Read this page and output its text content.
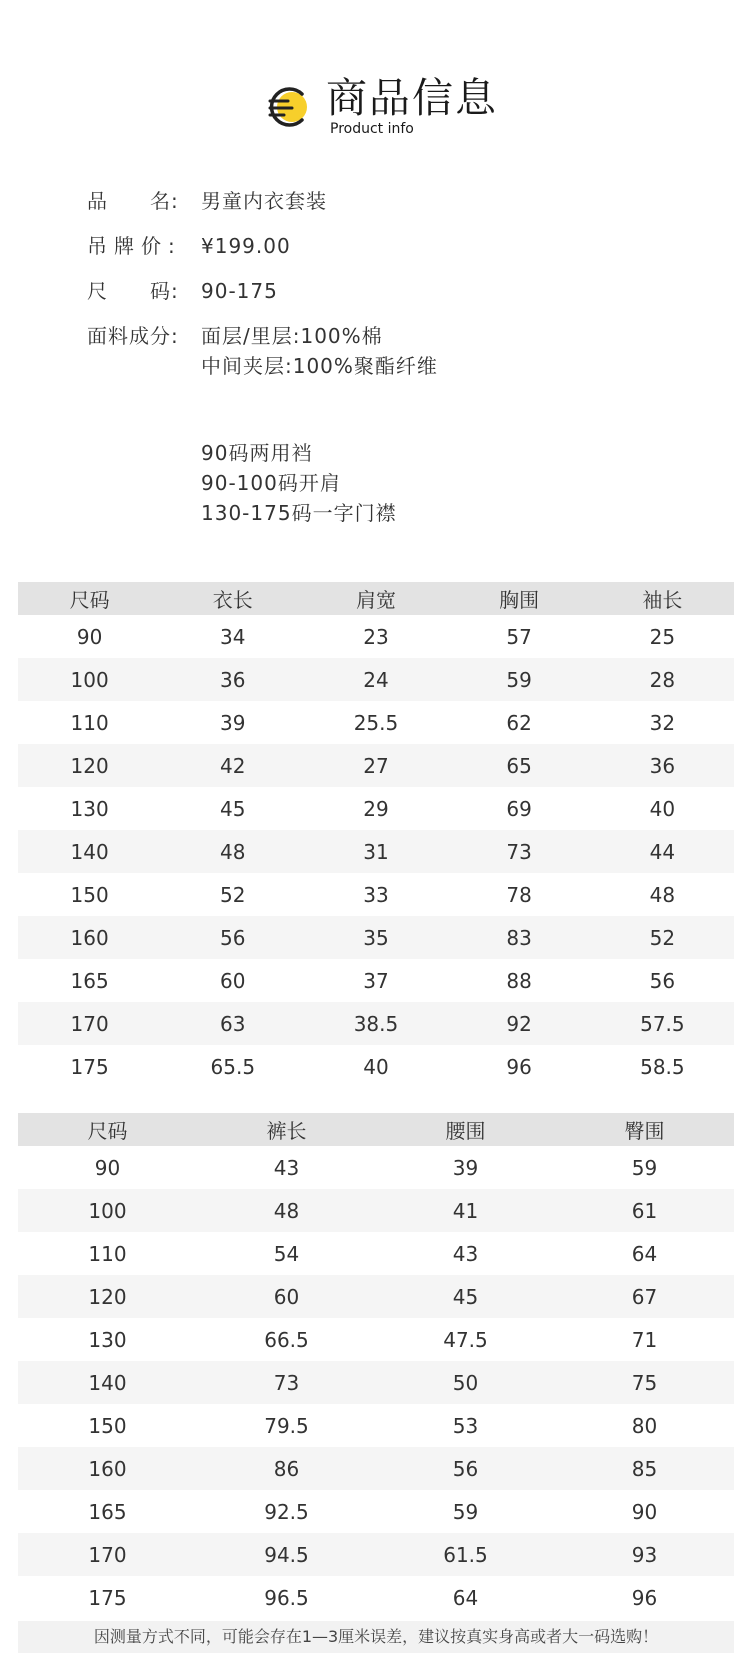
商品信息
Product info
品　　名: 男童内衣套装
吊牌价: ¥199.00
尺　　码: 90-175
面料成分: 面层/里层:100%棉
中间夹层:100%聚酯纤维
90码两用裆
90-100码开肩
130-175码一字门襟
尺码	衣长	肩宽	胸围	袖长
90	34	23	57	25
100	36	24	59	28
110	39	25.5	62	32
120	42	27	65	36
130	45	29	69	40
140	48	31	73	44
150	52	33	78	48
160	56	35	83	52
165	60	37	88	56
170	63	38.5	92	57.5
175	65.5	40	96	58.5
尺码	裤长	腰围	臀围
90	43	39	59
100	48	41	61
110	54	43	64
120	60	45	67
130	66.5	47.5	71
140	73	50	75
150	79.5	53	80
160	86	56	85
165	92.5	59	90
170	94.5	61.5	93
175	96.5	64	96
因测量方式不同，可能会存在1—3厘米误差，建议按真实身高或者大一码选购！
